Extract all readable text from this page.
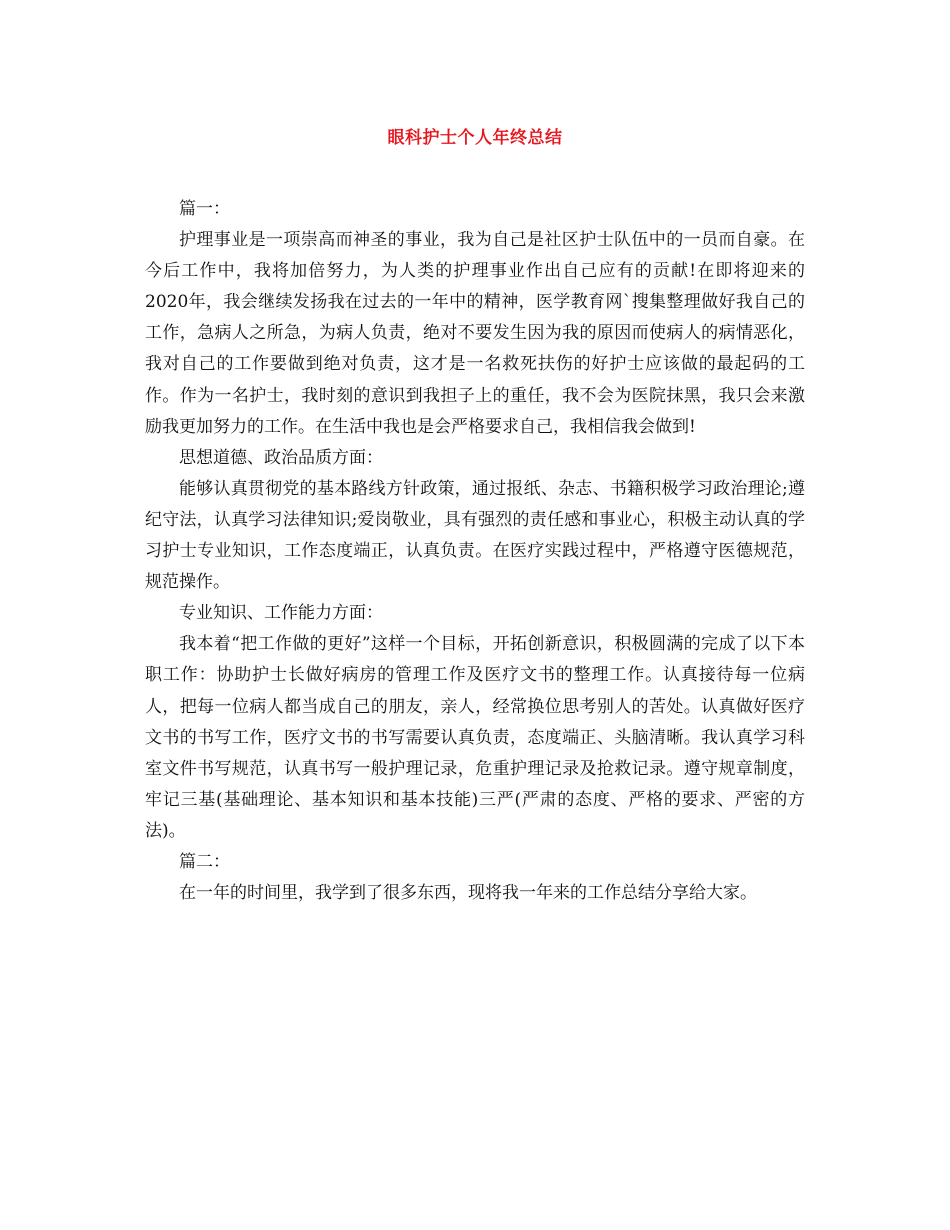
眼科护士个人年终总结

篇一：

护理事业是一项崇高而神圣的事业，我为自己是社区护士队伍中的一员而自豪。在今后工作中，我将加倍努力，为人类的护理事业作出自己应有的贡献!在即将迎来的2020年，我会继续发扬我在过去的一年中的精神，医学教育网`搜集整理做好我自己的工作，急病人之所急，为病人负责，绝对不要发生因为我的原因而使病人的病情恶化，我对自己的工作要做到绝对负责，这才是一名救死扶伤的好护士应该做的最起码的工作。作为一名护士，我时刻的意识到我担子上的重任，我不会为医院抹黑，我只会来激励我更加努力的工作。在生活中我也是会严格要求自己，我相信我会做到!

思想道德、政治品质方面：

能够认真贯彻党的基本路线方针政策，通过报纸、杂志、书籍积极学习政治理论;遵纪守法，认真学习法律知识;爱岗敬业，具有强烈的责任感和事业心，积极主动认真的学习护士专业知识，工作态度端正，认真负责。在医疗实践过程中，严格遵守医德规范，规范操作。

专业知识、工作能力方面：

我本着“把工作做的更好”这样一个目标，开拓创新意识，积极圆满的完成了以下本职工作：协助护士长做好病房的管理工作及医疗文书的整理工作。认真接待每一位病人，把每一位病人都当成自己的朋友，亲人，经常换位思考别人的苦处。认真做好医疗文书的书写工作，医疗文书的书写需要认真负责，态度端正、头脑清晰。我认真学习科室文件书写规范，认真书写一般护理记录，危重护理记录及抢救记录。遵守规章制度，牢记三基(基础理论、基本知识和基本技能)三严(严肃的态度、严格的要求、严密的方法)。

篇二：

在一年的时间里，我学到了很多东西，现将我一年来的工作总结分享给大家。
